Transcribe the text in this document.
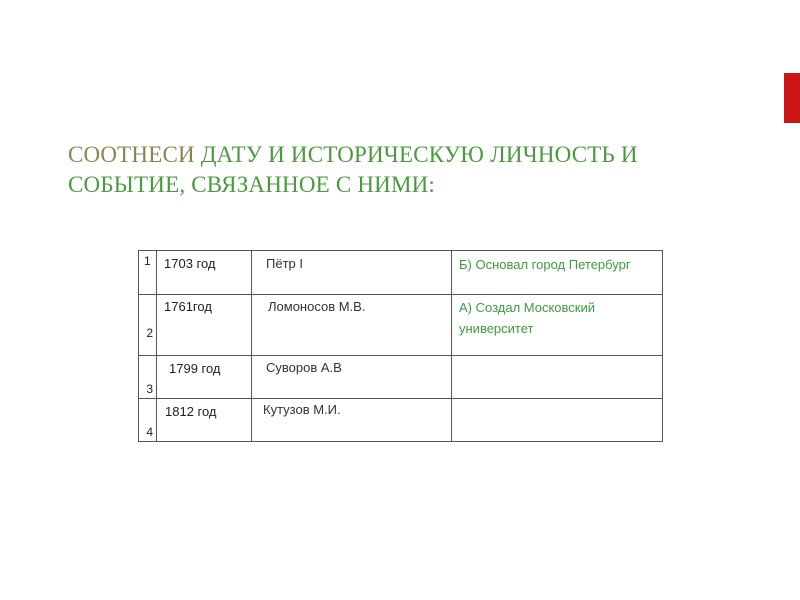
СООТНЕСИ ДАТУ И ИСТОРИЧЕСКУЮ ЛИЧНОСТЬ И
СОБЫТИЕ, СВЯЗАННОЕ С НИМИ:
1	1703 год	Пётр I	Б) Основал город Петербург

2	1761год	Ломоносов М.В.	А) Создал Московский университет

3	1799 год	Суворов А.В	

4	1812 год	Кутузов М.И.	
